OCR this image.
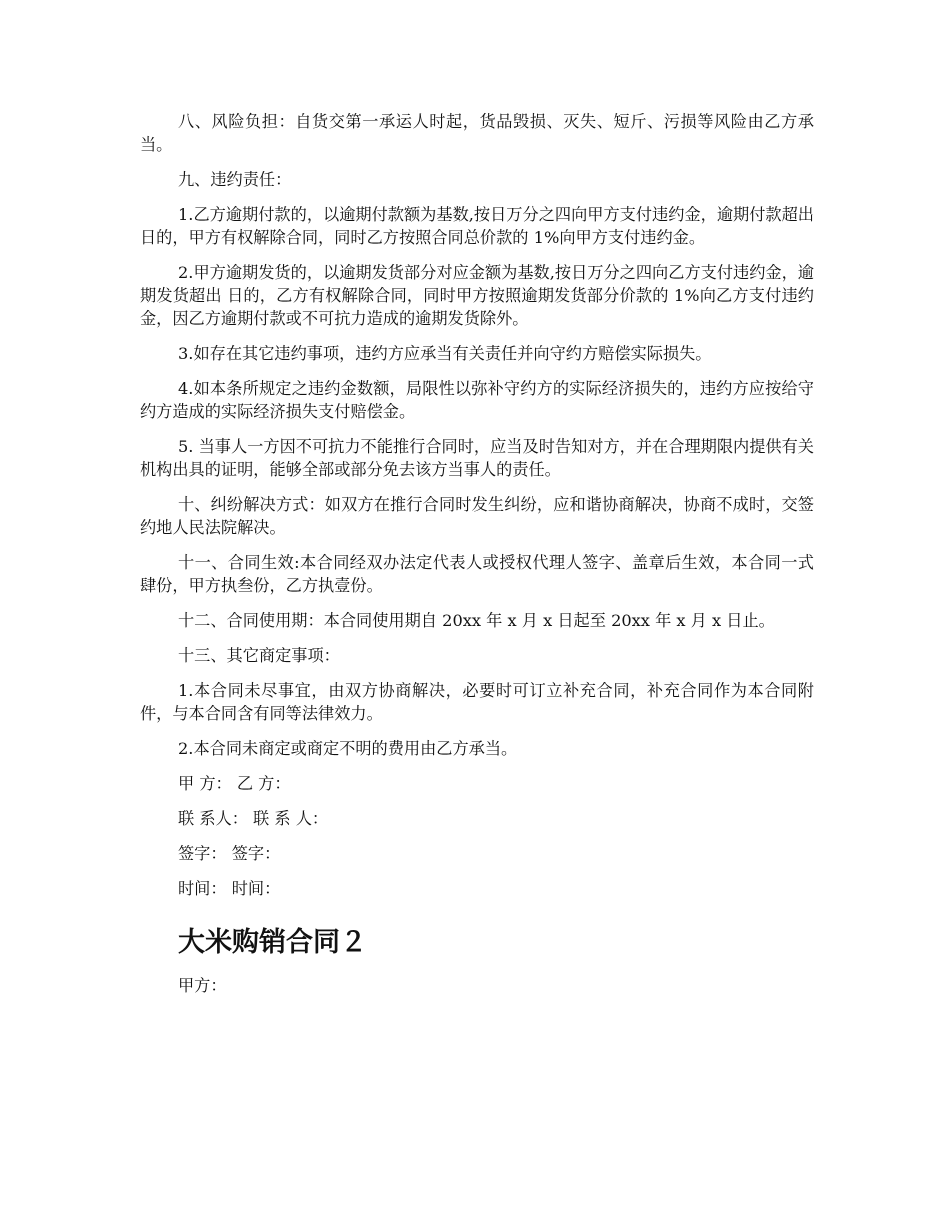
八、风险负担：自货交第一承运人时起，货品毁损、灭失、短斤、污损等风险由乙方承当。

九、违约责任：

1.乙方逾期付款的，以逾期付款额为基数,按日万分之四向甲方支付违约金，逾期付款超出 日的，甲方有权解除合同，同时乙方按照合同总价款的 1%向甲方支付违约金。

2.甲方逾期发货的，以逾期发货部分对应金额为基数,按日万分之四向乙方支付违约金，逾期发货超出 日的，乙方有权解除合同，同时甲方按照逾期发货部分价款的 1%向乙方支付违约金，因乙方逾期付款或不可抗力造成的逾期发货除外。

3.如存在其它违约事项，违约方应承当有关责任并向守约方赔偿实际损失。

4.如本条所规定之违约金数额，局限性以弥补守约方的实际经济损失的，违约方应按给守约方造成的实际经济损失支付赔偿金。

5. 当事人一方因不可抗力不能推行合同时，应当及时告知对方，并在合理期限内提供有关机构出具的证明，能够全部或部分免去该方当事人的责任。

十、纠纷解决方式：如双方在推行合同时发生纠纷，应和谐协商解决，协商不成时，交签约地人民法院解决。

十一、合同生效:本合同经双办法定代表人或授权代理人签字、盖章后生效，本合同一式肆份，甲方执叁份，乙方执壹份。

十二、合同使用期：本合同使用期自 20xx 年 x 月 x 日起至 20xx 年 x 月 x 日止。

十三、其它商定事项：

1.本合同未尽事宜，由双方协商解决，必要时可订立补充合同，补充合同作为本合同附件，与本合同含有同等法律效力。

2.本合同未商定或商定不明的费用由乙方承当。

甲 方： 乙 方：

联 系人： 联 系 人：

签字： 签字：

时间： 时间：

大米购销合同２

甲方：
